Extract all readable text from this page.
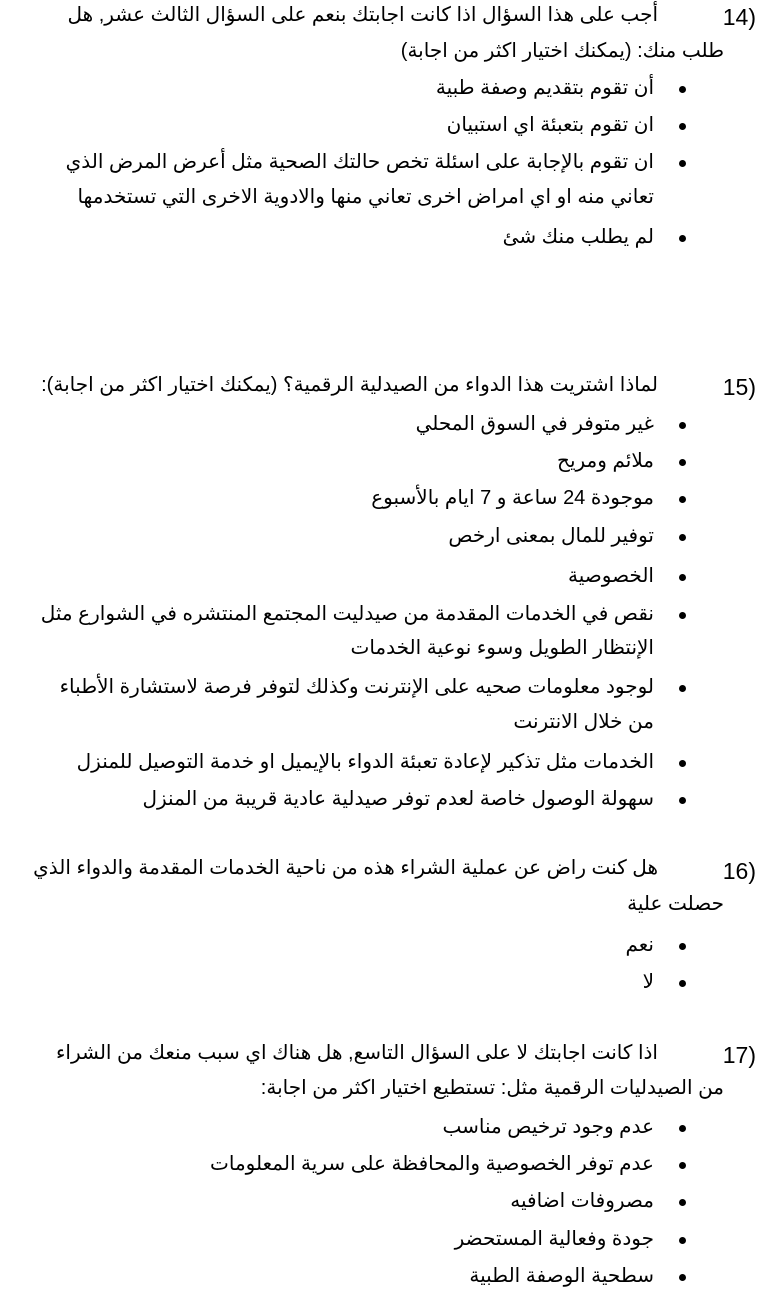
14)
أجب على هذا السؤال اذا كانت اجابتك بنعم على السؤال الثالث عشر, هل
طلب منك: (يمكنك اختيار اكثر من اجابة)
أن تقوم بتقديم وصفة طبية
ان تقوم بتعبئة اي استبيان
ان تقوم بالإجابة على اسئلة تخص حالتك الصحية مثل أعرض المرض الذي
تعاني منه او اي امراض اخرى تعاني منها والادوية الاخرى التي تستخدمها
لم يطلب منك شئ
15)
لماذا اشتريت هذا الدواء من الصيدلية الرقمية؟ (يمكنك اختيار اكثر من اجابة):
غير متوفر في السوق المحلي
ملائم ومريح
موجودة 24 ساعة و 7 ايام بالأسبوع
توفير للمال بمعنى ارخص
الخصوصية
نقص في الخدمات المقدمة من صيدليت المجتمع المنتشره في الشوارع مثل
الإنتظار الطويل وسوء نوعية الخدمات
لوجود معلومات صحيه على الإنترنت وكذلك لتوفر فرصة لاستشارة الأطباء
من خلال الانترنت
الخدمات مثل تذكير لإعادة تعبئة الدواء بالإيميل او خدمة التوصيل للمنزل
سهولة الوصول خاصة لعدم توفر صيدلية عادية قريبة من المنزل
16)
هل كنت راض عن عملية الشراء هذه من ناحية الخدمات المقدمة والدواء الذي
حصلت علية
نعم
لا
17)
اذا كانت اجابتك لا على السؤال التاسع, هل هناك اي سبب منعك من الشراء
من الصيدليات الرقمية مثل: تستطيع اختيار اكثر من اجابة:
عدم وجود ترخيص مناسب
عدم توفر الخصوصية والمحافظة على سرية المعلومات
مصروفات اضافيه
جودة وفعالية المستحضر
سطحية الوصفة الطبية
